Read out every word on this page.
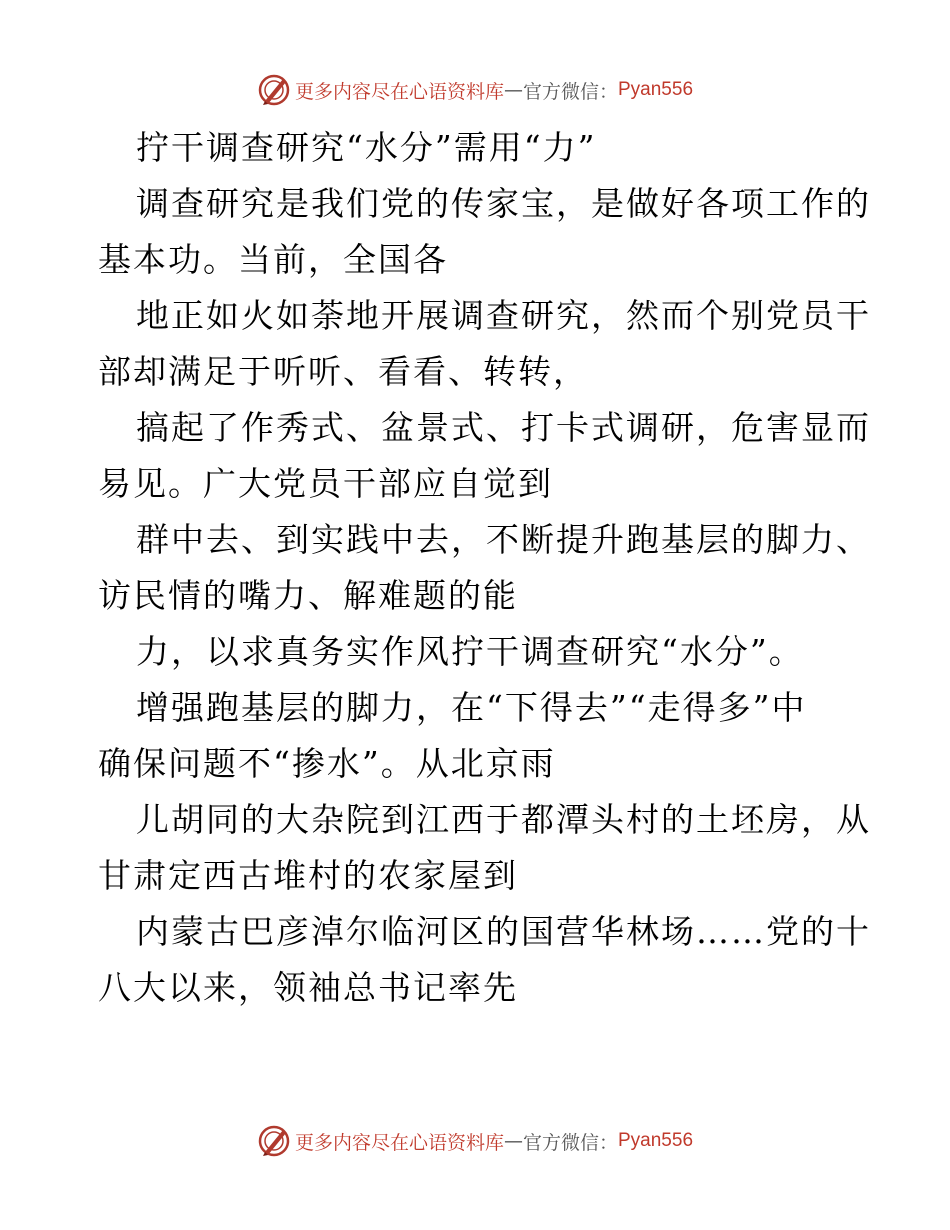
更多内容尽在心语资料库 — 官方微信： Pyan556
拧干调查研究“水分”需用“力”
调查研究是我们党的传家宝，是做好各项工作的
基本功。当前，全国各
地正如火如荼地开展调查研究，然而个别党员干
部却满足于听听、看看、转转，
搞起了作秀式、盆景式、打卡式调研，危害显而
易见。广大党员干部应自觉到
群中去、到实践中去，不断提升跑基层的脚力、
访民情的嘴力、解难题的能
力，以求真务实作风拧干调查研究“水分”。
增强跑基层的脚力，在“下得去”“走得多”中
确保问题不“掺水”。从北京雨
儿胡同的大杂院到江西于都潭头村的土坯房，从
甘肃定西古堆村的农家屋到
内蒙古巴彦淖尔临河区的国营华林场……党的十
八大以来，领袖总书记率先
更多内容尽在心语资料库 — 官方微信： Pyan556
